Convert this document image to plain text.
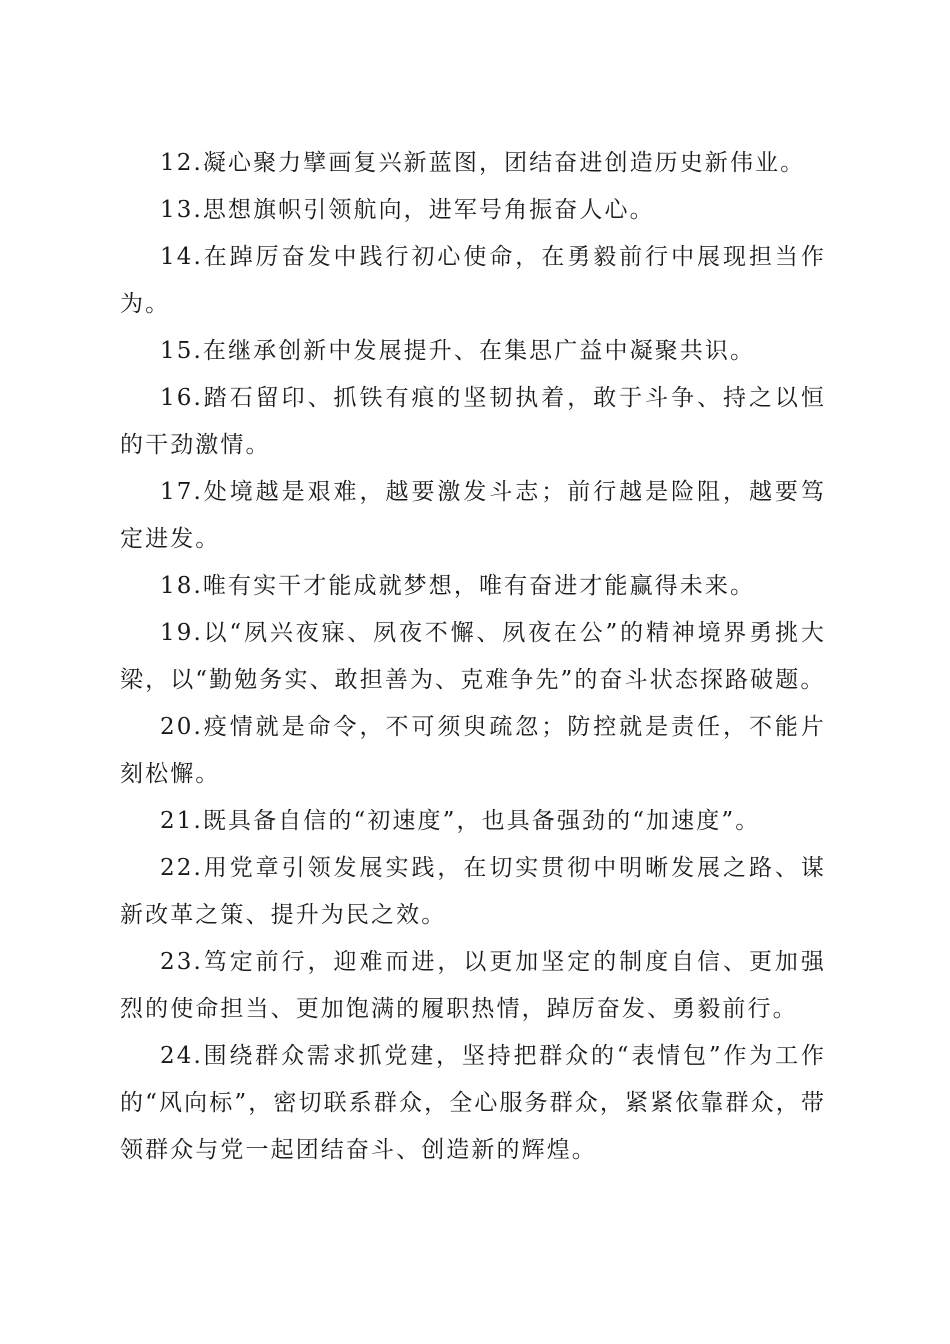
12.凝心聚力擘画复兴新蓝图，团结奋进创造历史新伟业。

13.思想旗帜引领航向，进军号角振奋人心。

14.在踔厉奋发中践行初心使命，在勇毅前行中展现担当作为。

15.在继承创新中发展提升、在集思广益中凝聚共识。

16.踏石留印、抓铁有痕的坚韧执着，敢于斗争、持之以恒的干劲激情。

17.处境越是艰难，越要激发斗志；前行越是险阻，越要笃定进发。

18.唯有实干才能成就梦想，唯有奋进才能赢得未来。

19.以“夙兴夜寐、夙夜不懈、夙夜在公”的精神境界勇挑大梁，以“勤勉务实、敢担善为、克难争先”的奋斗状态探路破题。

20.疫情就是命令，不可须臾疏忽；防控就是责任，不能片刻松懈。

21.既具备自信的“初速度”，也具备强劲的“加速度”。

22.用党章引领发展实践，在切实贯彻中明晰发展之路、谋新改革之策、提升为民之效。

23.笃定前行，迎难而进，以更加坚定的制度自信、更加强烈的使命担当、更加饱满的履职热情，踔厉奋发、勇毅前行。

24.围绕群众需求抓党建，坚持把群众的“表情包”作为工作的“风向标”，密切联系群众，全心服务群众，紧紧依靠群众，带领群众与党一起团结奋斗、创造新的辉煌。
